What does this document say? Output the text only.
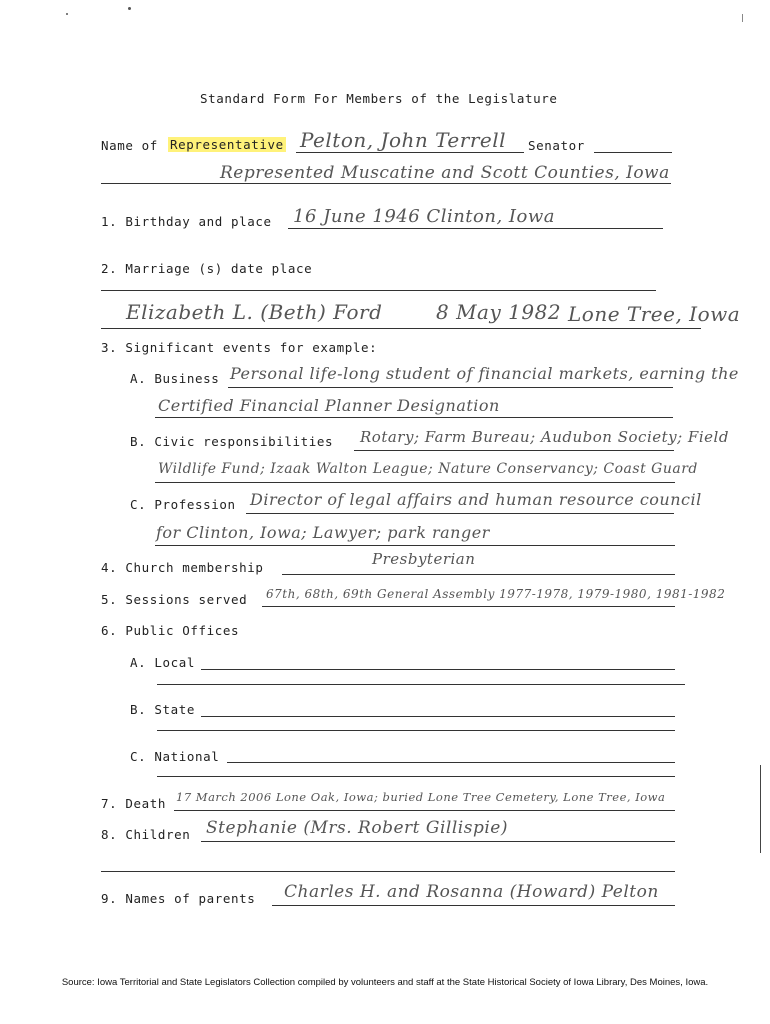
Standard Form For Members of the Legislature
Name of Representative Pelton, John Terrell Senator
Represented Muscatine and Scott Counties, Iowa
1. Birthday and place 16 June 1946 Clinton, Iowa
2. Marriage (s) date place
Elizabeth L. (Beth) Ford	8 May 1982 Lone Tree, Iowa
3. Significant events for example:
A. Business Personal life-long student of financial markets, earning the
Certified Financial Planner Designation
B. Civic responsibilities Rotary; Farm Bureau; Audubon Society; Field
Wildlife Fund; Izaak Walton League; Nature Conservancy; Coast Guard
C. Profession Director of legal affairs and human resource council
for Clinton, Iowa; Lawyer; park ranger
4. Church membership	Presbyterian
5. Sessions served 67th, 68th, 69th General Assembly 1977-1978, 1979-1980, 1981-1982
6. Public Offices
A. Local
B. State
C. National
7. Death 17 March 2006 Lone Oak, Iowa; buried Lone Tree Cemetery, Lone Tree, Iowa
8. Children Stephanie (Mrs. Robert Gillispie)
9. Names of parents Charles H. and Rosanna (Howard) Pelton
Source: Iowa Territorial and State Legislators Collection compiled by volunteers and staff at the State Historical Society of Iowa Library, Des Moines, Iowa.
